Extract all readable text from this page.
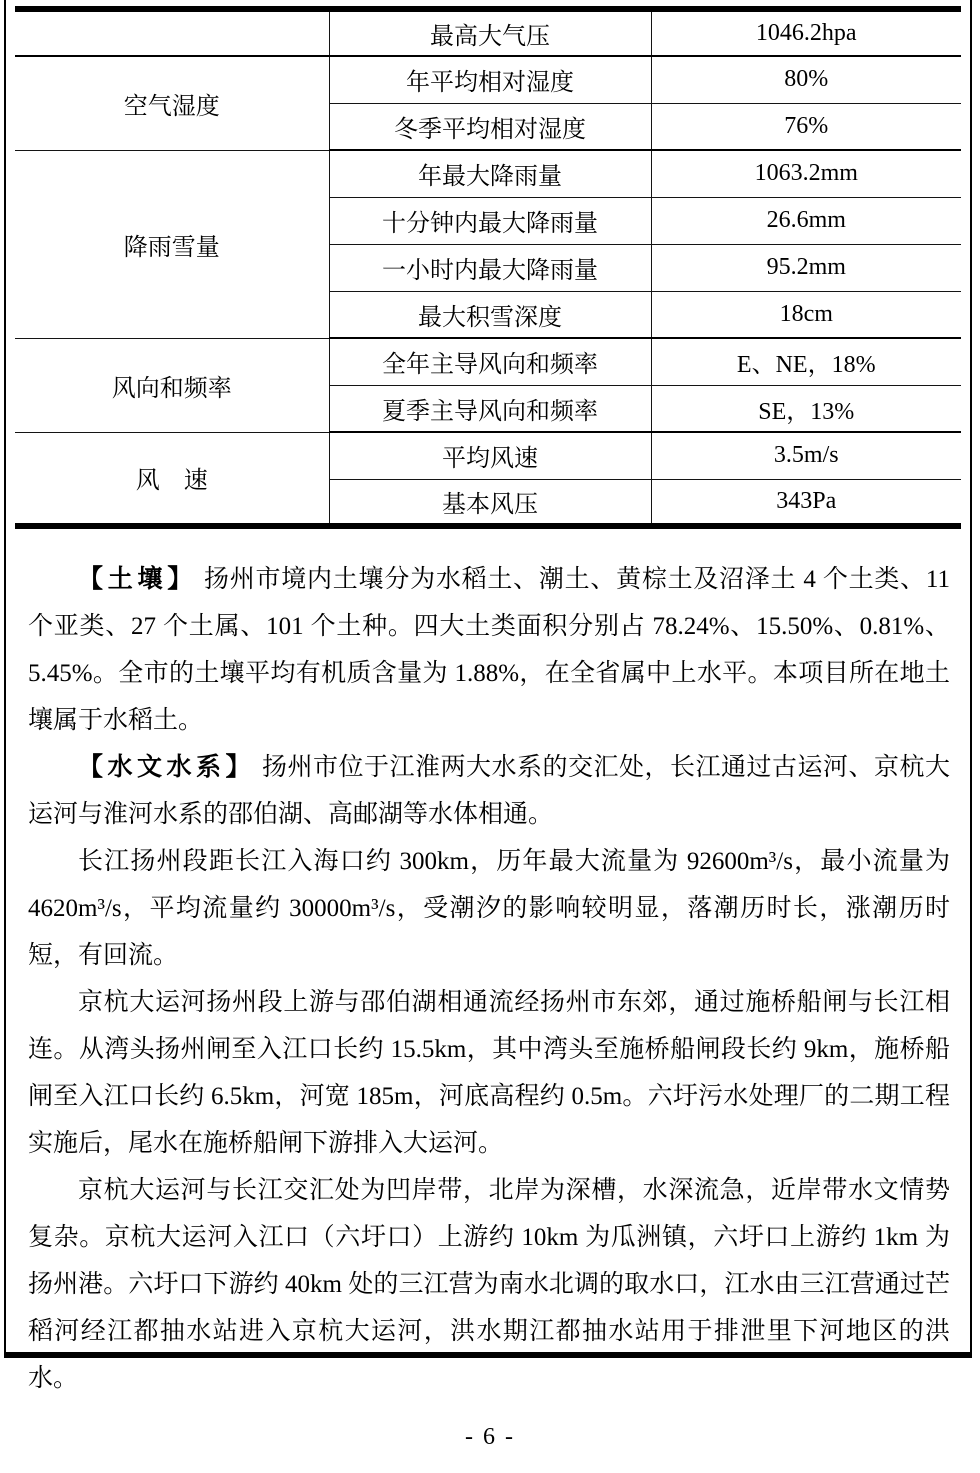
	最高大气压	1046.2hpa
空气湿度	年平均相对湿度	80%
	冬季平均相对湿度	76%
降雨雪量	年最大降雨量	1063.2mm
	十分钟内最大降雨量	26.6mm
	一小时内最大降雨量	95.2mm
	最大积雪深度	18cm
风向和频率	全年主导风向和频率	E、NE，18%
	夏季主导风向和频率	SE，13%
风　速	平均风速	3.5m/s
	基本风压	343Pa

【土壤】 扬州市境内土壤分为水稻土、潮土、黄棕土及沼泽土 4 个土类、11 个亚类、27 个土属、101 个土种。四大土类面积分别占 78.24%、15.50%、0.81%、5.45%。全市的土壤平均有机质含量为 1.88%，在全省属中上水平。本项目所在地土壤属于水稻土。

【水文水系】 扬州市位于江淮两大水系的交汇处，长江通过古运河、京杭大运河与淮河水系的邵伯湖、高邮湖等水体相通。

长江扬州段距长江入海口约 300km，历年最大流量为 92600m³/s，最小流量为 4620m³/s，平均流量约 30000m³/s，受潮汐的影响较明显，落潮历时长，涨潮历时短，有回流。

京杭大运河扬州段上游与邵伯湖相通流经扬州市东郊，通过施桥船闸与长江相连。从湾头扬州闸至入江口长约 15.5km，其中湾头至施桥船闸段长约 9km，施桥船闸至入江口长约 6.5km，河宽 185m，河底高程约 0.5m。六圩污水处理厂的二期工程实施后，尾水在施桥船闸下游排入大运河。

京杭大运河与长江交汇处为凹岸带，北岸为深槽，水深流急，近岸带水文情势复杂。京杭大运河入江口（六圩口）上游约 10km 为瓜洲镇，六圩口上游约 1km 为扬州港。六圩口下游约 40km 处的三江营为南水北调的取水口，江水由三江营通过芒稻河经江都抽水站进入京杭大运河，洪水期江都抽水站用于排泄里下河地区的洪水。

- 6 -
